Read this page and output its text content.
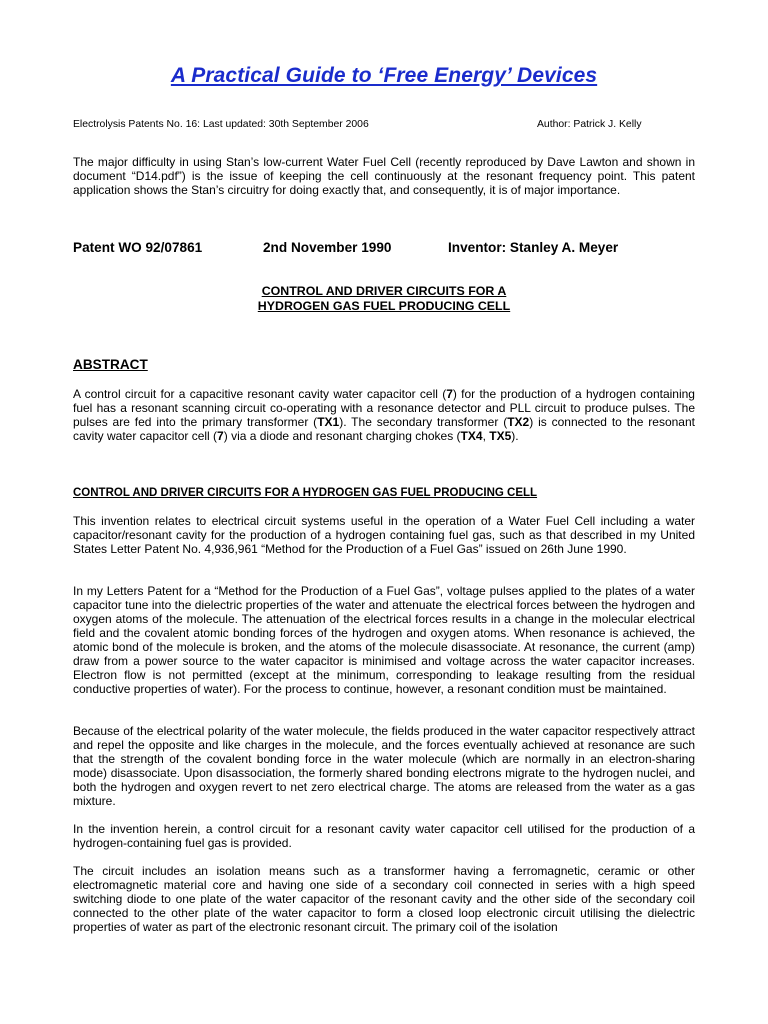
A Practical Guide to ‘Free Energy’ Devices
Electrolysis Patents No. 16: Last updated: 30th September 2006	Author: Patrick J. Kelly
The major difficulty in using Stan’s low-current Water Fuel Cell (recently reproduced by Dave Lawton and shown in document “D14.pdf”) is the issue of keeping the cell continuously at the resonant frequency point. This patent application shows the Stan’s circuitry for doing exactly that, and consequently, it is of major importance.
Patent WO 92/07861	2nd November 1990	Inventor: Stanley A. Meyer
CONTROL AND DRIVER CIRCUITS FOR A
HYDROGEN GAS FUEL PRODUCING CELL
ABSTRACT
A control circuit for a capacitive resonant cavity water capacitor cell (7) for the production of a hydrogen containing fuel has a resonant scanning circuit co-operating with a resonance detector and PLL circuit to produce pulses. The pulses are fed into the primary transformer (TX1). The secondary transformer (TX2) is connected to the resonant cavity water capacitor cell (7) via a diode and resonant charging chokes (TX4, TX5).
CONTROL AND DRIVER CIRCUITS FOR A HYDROGEN GAS FUEL PRODUCING CELL
This invention relates to electrical circuit systems useful in the operation of a Water Fuel Cell including a water capacitor/resonant cavity for the production of a hydrogen containing fuel gas, such as that described in my United States Letter Patent No. 4,936,961 “Method for the Production of a Fuel Gas” issued on 26th June 1990.
In my Letters Patent for a “Method for the Production of a Fuel Gas”, voltage pulses applied to the plates of a water capacitor tune into the dielectric properties of the water and attenuate the electrical forces between the hydrogen and oxygen atoms of the molecule. The attenuation of the electrical forces results in a change in the molecular electrical field and the covalent atomic bonding forces of the hydrogen and oxygen atoms. When resonance is achieved, the atomic bond of the molecule is broken, and the atoms of the molecule disassociate. At resonance, the current (amp) draw from a power source to the water capacitor is minimised and voltage across the water capacitor increases. Electron flow is not permitted (except at the minimum, corresponding to leakage resulting from the residual conductive properties of water). For the process to continue, however, a resonant condition must be maintained.
Because of the electrical polarity of the water molecule, the fields produced in the water capacitor respectively attract and repel the opposite and like charges in the molecule, and the forces eventually achieved at resonance are such that the strength of the covalent bonding force in the water molecule (which are normally in an electron-sharing mode) disassociate. Upon disassociation, the formerly shared bonding electrons migrate to the hydrogen nuclei, and both the hydrogen and oxygen revert to net zero electrical charge. The atoms are released from the water as a gas mixture.
In the invention herein, a control circuit for a resonant cavity water capacitor cell utilised for the production of a hydrogen-containing fuel gas is provided.
The circuit includes an isolation means such as a transformer having a ferromagnetic, ceramic or other electromagnetic material core and having one side of a secondary coil connected in series with a high speed switching diode to one plate of the water capacitor of the resonant cavity and the other side of the secondary coil connected to the other plate of the water capacitor to form a closed loop electronic circuit utilising the dielectric properties of water as part of the electronic resonant circuit. The primary coil of the isolation
